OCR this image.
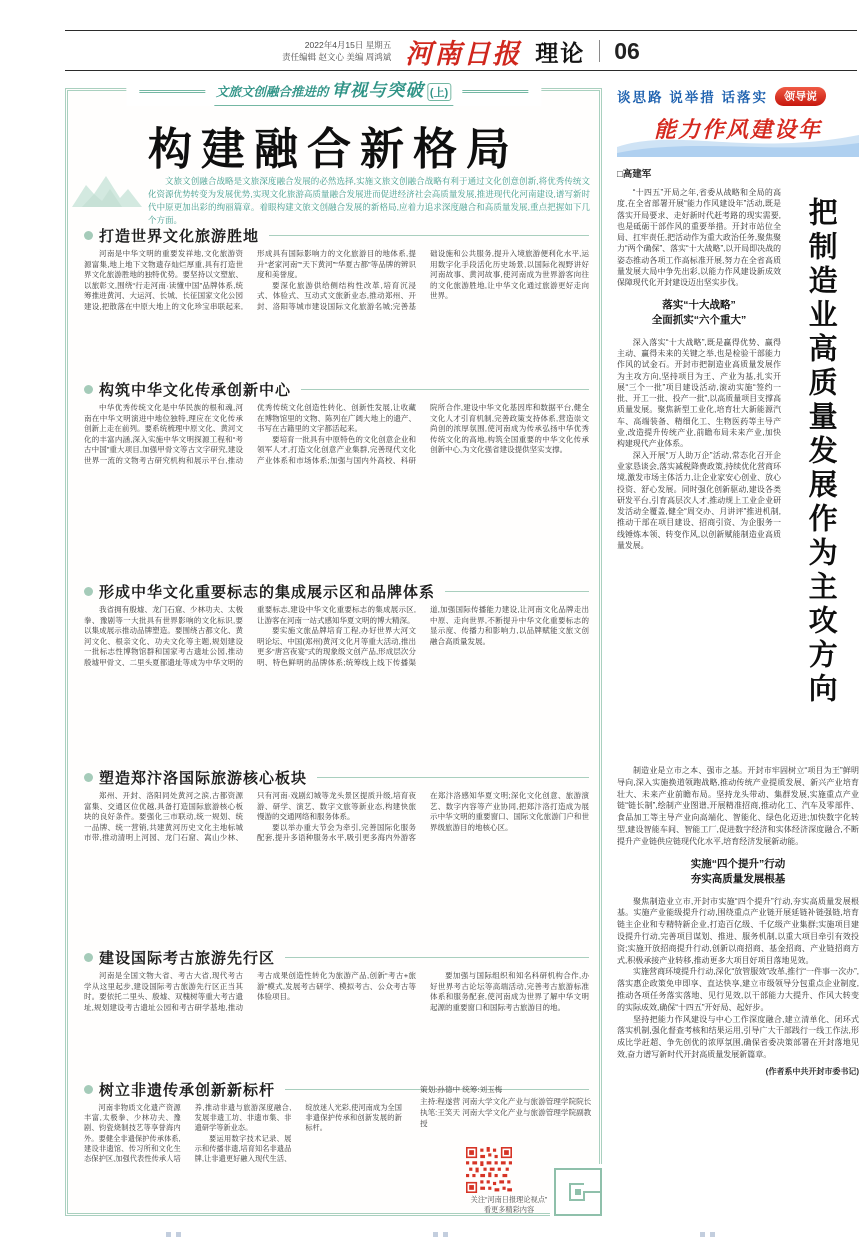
2022年4月15日 星期五
责任编辑 赵文心 美编 周鸿斌 河南日报 理论 06
文旅文创融合推进的 审视与突破 (上)
构建融合新格局

文旅文创融合战略是文旅深度融合发展的必然选择,实施文旅文创融合战略有利于通过文化创意创新,将优秀传统文化资源优势转变为发展优势,实现文化旅游高质量融合发展进而促进经济社会高质量发展,推进现代化河南建设,谱写新时代中原更加出彩的绚丽篇章。着眼构建文旅文创融合发展的新格局,应着力追求深度融合和高质量发展,重点把握如下几个方面。

打造世界文化旅游胜地

河南是中华文明的重要发祥地,文化旅游资源富集,地上地下文物遗存灿烂厚重,具有打造世界文化旅游胜地的独特优势。要坚持以文塑旅、以旅彰文,围绕“行走河南·读懂中国”品牌体系,统筹推进黄河、大运河、长城、长征国家文化公园建设,把散落在中原大地上的文化珍宝串联起来,形成具有国际影响力的文化旅游目的地体系,提升“老家河南”“天下黄河”“华夏古都”等品牌的辨识度和美誉度。

要深化旅游供给侧结构性改革,培育沉浸式、体验式、互动式文旅新业态,推动郑州、开封、洛阳等城市建设国际文化旅游名城;完善基础设施和公共服务,提升入境旅游便利化水平,运用数字化手段活化历史场景,以国际化视野讲好河南故事、黄河故事,使河南成为世界游客向往的文化旅游胜地,让中华文化通过旅游更好走向世界。

构筑中华文化传承创新中心

中华优秀传统文化是中华民族的根和魂,河南在中华文明演进中地位独特,理应在文化传承创新上走在前列。要系统梳理中原文化、黄河文化的丰富内涵,深入实施中华文明探源工程和“考古中国”重大项目,加强甲骨文等古文字研究,建设世界一流的文物考古研究机构和展示平台,推动优秀传统文化创造性转化、创新性发展,让收藏在博物馆里的文物、陈列在广阔大地上的遗产、书写在古籍里的文字都活起来。

要培育一批具有中原特色的文化创意企业和领军人才,打造文化创意产业集群,完善现代文化产业体系和市场体系;加强与国内外高校、科研院所合作,建设中华文化基因库和数据平台,健全文化人才引育机制,完善政策支持体系,营造崇文尚创的浓厚氛围,使河南成为传承弘扬中华优秀传统文化的高地,构筑全国重要的中华文化传承创新中心,为文化强省建设提供坚实支撑。

形成中华文化重要标志的集成展示区和品牌体系

我省拥有殷墟、龙门石窟、少林功夫、太极拳、豫剧等一大批具有世界影响的文化标识,要以集成展示推动品牌塑造。要围绕古都文化、黄河文化、根亲文化、功夫文化等主题,规划建设一批标志性博物馆群和国家考古遗址公园,推动殷墟甲骨文、二里头夏都遗址等成为中华文明的重要标志,建设中华文化重要标志的集成展示区,让游客在河南一站式感知华夏文明的博大精深。

要实施文旅品牌培育工程,办好世界大河文明论坛、中国(郑州)黄河文化月等重大活动,推出更多“唐宫夜宴”式的现象级文创产品,形成层次分明、特色鲜明的品牌体系;统筹线上线下传播渠道,加强国际传播能力建设,让河南文化品牌走出中原、走向世界,不断提升中华文化重要标志的显示度、传播力和影响力,以品牌赋能文旅文创融合高质量发展。

塑造郑汴洛国际旅游核心板块

郑州、开封、洛阳同处黄河之滨,古都资源富集、交通区位优越,具备打造国际旅游核心板块的良好条件。要强化三市联动,统一规划、统一品牌、统一营销,共建黄河历史文化主地标城市带,推动清明上河园、龙门石窟、嵩山少林、只有河南·戏剧幻城等龙头景区提质升级,培育夜游、研学、演艺、数字文旅等新业态,构建快旅慢游的交通网络和服务体系。

要以举办重大节会为牵引,完善国际化服务配套,提升多语种服务水平,吸引更多海内外游客在郑汴洛感知华夏文明;深化文化创意、旅游演艺、数字内容等产业协同,把郑汴洛打造成为展示中华文明的重要窗口、国际文化旅游门户和世界级旅游目的地核心区。

建设国际考古旅游先行区

河南是全国文物大省、考古大省,现代考古学从这里起步,建设国际考古旅游先行区正当其时。要依托二里头、殷墟、双槐树等重大考古遗址,规划建设考古遗址公园和考古研学基地,推动考古成果创造性转化为旅游产品,创新“考古+旅游”模式,发展考古研学、模拟考古、公众考古等体验项目。

要加强与国际组织和知名科研机构合作,办好世界考古论坛等高端活动,完善考古旅游标准体系和服务配套,使河南成为世界了解中华文明起源的重要窗口和国际考古旅游目的地。

树立非遗传承创新新标杆

河南非物质文化遗产资源丰富,太极拳、少林功夫、豫剧、钧瓷烧制技艺等享誉海内外。要健全非遗保护传承体系,建设非遗馆、传习所和文化生态保护区,加强代表性传承人培养,推动非遗与旅游深度融合,发展非遗工坊、非遗市集、非遗研学等新业态。

要运用数字技术记录、展示和传播非遗,培育知名非遗品牌,让非遗更好融入现代生活、绽放迷人光彩,使河南成为全国非遗保护传承和创新发展的新标杆。

策划:孙德中 统筹:刘玉梅
主持:程遂营 河南大学文化产业与旅游管理学院院长
执笔:王笑天 河南大学文化产业与旅游管理学院副教授
关注“河南日报理论视点”
看更多精彩内容
谈思路 说举措 话落实	领导说
能力作风建设年
□高建军

“十四五”开局之年,省委从战略和全局的高度,在全省部署开展“能力作风建设年”活动,既是落实开局要求、走好新时代赶考路的现实需要,也是砥砺干部作风的重要举措。开封市站位全局、扛牢责任,把活动作为重大政治任务,聚焦聚力“两个确保”、落实“十大战略”,以开局即决战的姿态推动各项工作高标准开展,努力在全省高质量发展大局中争先出彩,以能力作风建设新成效保障现代化开封建设迈出坚实步伐。

落实“十大战略”
全面抓实“六个重大”

深入落实“十大战略”,既是赢得优势、赢得主动、赢得未来的关键之举,也是检验干部能力作风的试金石。开封市把制造业高质量发展作为主攻方向,坚持项目为王、产业为基,扎实开展“三个一批”项目建设活动,滚动实施“签约一批、开工一批、投产一批”,以高质量项目支撑高质量发展。聚焦新型工业化,培育壮大新能源汽车、高端装备、精细化工、生物医药等主导产业,改造提升传统产业,前瞻布局未来产业,加快构建现代产业体系。

深入开展“万人助万企”活动,常态化召开企业家恳谈会,落实减税降费政策,持续优化营商环境,激发市场主体活力,让企业家安心创业、放心投资、舒心发展。同时强化创新驱动,建设各类研发平台,引育高层次人才,推动规上工业企业研发活动全覆盖,健全“周交办、月讲评”推进机制,推动干部在项目建设、招商引资、为企服务一线锤炼本领、转变作风,以创新赋能制造业高质量发展。	把制造业高质量发展作为主攻方向

制造业是立市之本、强市之基。开封市牢固树立“项目为王”鲜明导向,深入实施换道领跑战略,推动传统产业提质发展、新兴产业培育壮大、未来产业前瞻布局。坚持龙头带动、集群发展,实施重点产业链“链长制”,绘制产业图谱,开展精准招商,推动化工、汽车及零部件、食品加工等主导产业向高端化、智能化、绿色化迈进;加快数字化转型,建设智能车间、智能工厂,促进数字经济和实体经济深度融合,不断提升产业链供应链现代化水平,培育经济发展新动能。

实施“四个提升”行动
夯实高质量发展根基

聚焦制造业立市,开封市实施“四个提升”行动,夯实高质量发展根基。实施产业能级提升行动,围绕重点产业链开展延链补链强链,培育链主企业和专精特新企业,打造百亿级、千亿级产业集群;实施项目建设提升行动,完善项目谋划、推进、服务机制,以重大项目牵引有效投资;实施开放招商提升行动,创新以商招商、基金招商、产业链招商方式,积极承接产业转移,推动更多大项目好项目落地见效。

实施营商环境提升行动,深化“放管服效”改革,推行“一件事一次办”,落实惠企政策免申即享、直达快享,建立市级领导分包重点企业制度,推动各项任务落实落地、见行见效,以干部能力大提升、作风大转变的实际成效,确保“十四五”开好局、起好步。

坚持把能力作风建设与中心工作深度融合,建立清单化、闭环式落实机制,强化督查考核和结果运用,引导广大干部践行一线工作法,形成比学赶超、争先创优的浓厚氛围,确保省委决策部署在开封落地见效,奋力谱写新时代开封高质量发展新篇章。

(作者系中共开封市委书记)
